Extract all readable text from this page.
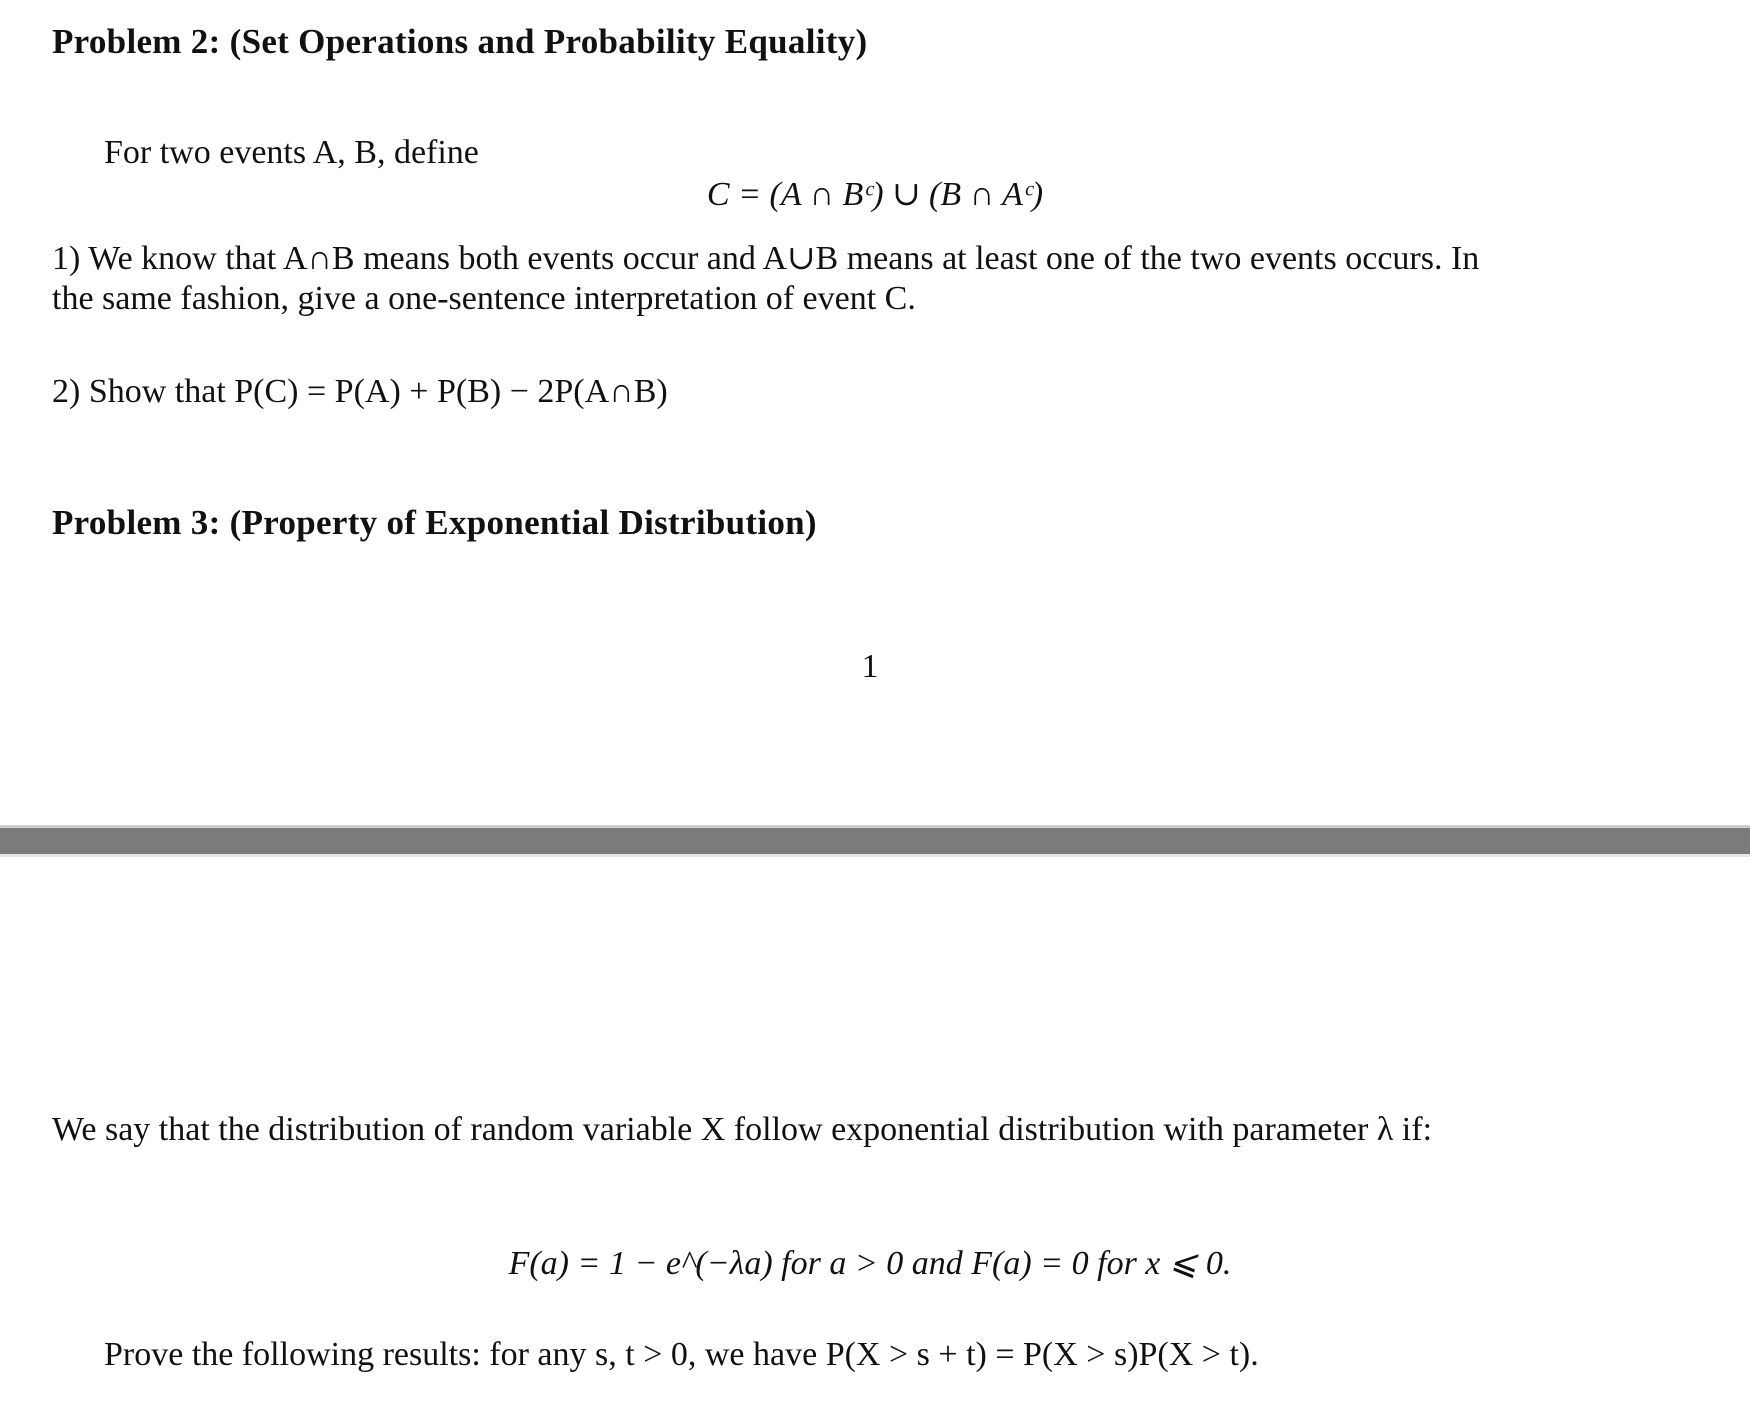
Problem 2: (Set Operations and Probability Equality)
For two events A, B, define
C = (A ∩ Bᶜ) ∪ (B ∩ Aᶜ)
1) We know that A∩B means both events occur and A∪B means at least one of the two events occurs. In
the same fashion, give a one-sentence interpretation of event C.
2) Show that P(C) = P(A) + P(B) − 2P(A∩B)
Problem 3: (Property of Exponential Distribution)
1
We say that the distribution of random variable X follow exponential distribution with parameter λ if:
F(a) = 1 − e^(−λa) for a > 0 and F(a) = 0 for x ⩽ 0.
Prove the following results: for any s, t > 0, we have P(X > s + t) = P(X > s)P(X > t).
